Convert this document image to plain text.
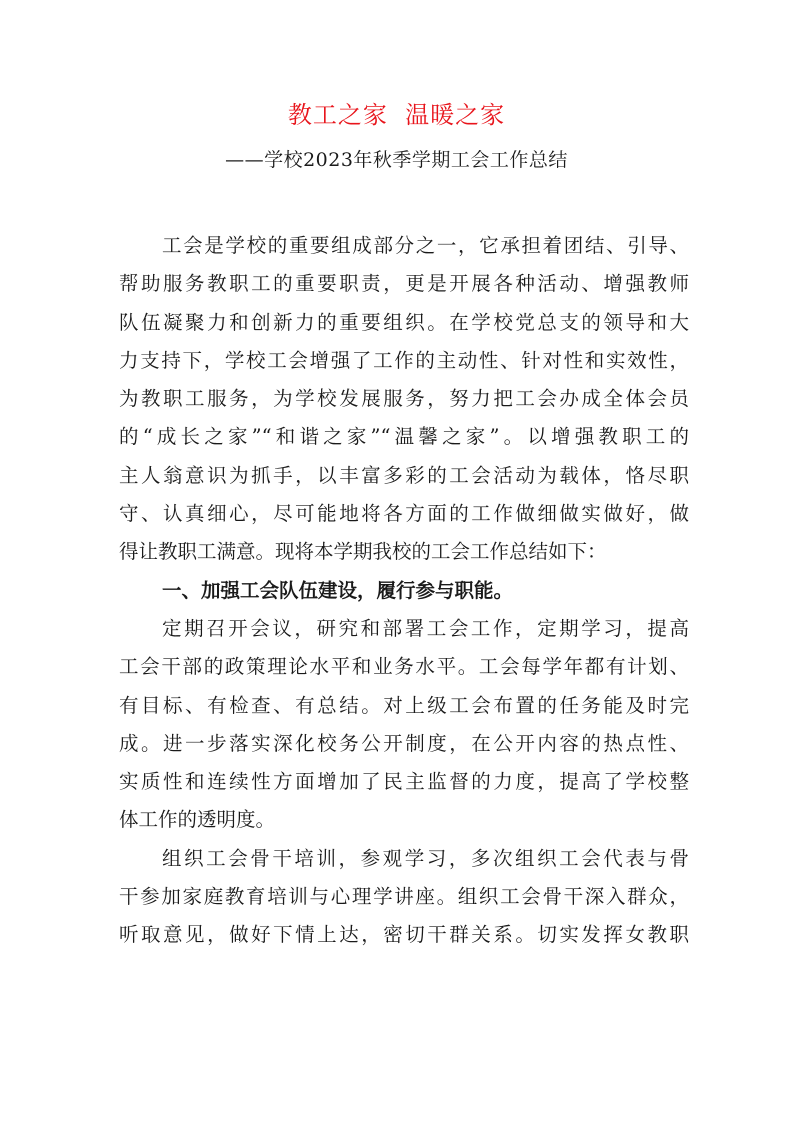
教工之家  温暖之家
——学校2023年秋季学期工会工作总结
工会是学校的重要组成部分之一，它承担着团结、引导、
帮助服务教职工的重要职责，更是开展各种活动、增强教师
队伍凝聚力和创新力的重要组织。在学校党总支的领导和大
力支持下，学校工会增强了工作的主动性、针对性和实效性，
为教职工服务，为学校发展服务，努力把工会办成全体会员
的“成长之家”“和谐之家”“温馨之家”。以增强教职工的
主人翁意识为抓手，以丰富多彩的工会活动为载体，恪尽职
守、认真细心，尽可能地将各方面的工作做细做实做好，做
得让教职工满意。现将本学期我校的工会工作总结如下：
一、加强工会队伍建设，履行参与职能。
定期召开会议，研究和部署工会工作，定期学习，提高
工会干部的政策理论水平和业务水平。工会每学年都有计划、
有目标、有检查、有总结。对上级工会布置的任务能及时完
成。进一步落实深化校务公开制度，在公开内容的热点性、
实质性和连续性方面增加了民主监督的力度，提高了学校整
体工作的透明度。
组织工会骨干培训，参观学习，多次组织工会代表与骨
干参加家庭教育培训与心理学讲座。组织工会骨干深入群众，
听取意见，做好下情上达，密切干群关系。切实发挥女教职
